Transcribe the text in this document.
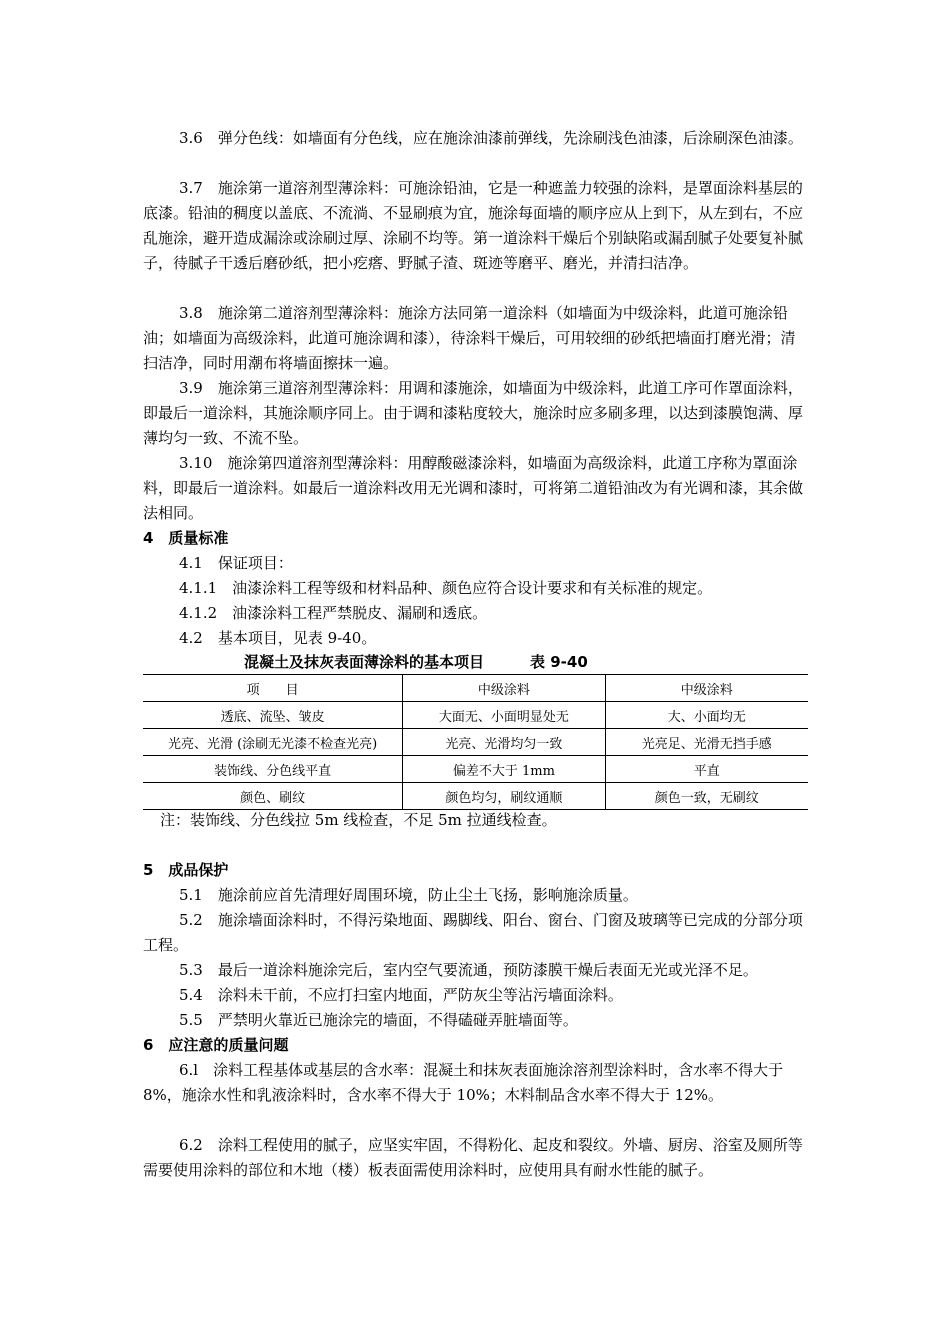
3.6　弹分色线：如墙面有分色线，应在施涂油漆前弹线，先涂刷浅色油漆，后涂刷深色油漆。

3.7　施涂第一道溶剂型薄涂料：可施涂铅油，它是一种遮盖力较强的涂料，是罩面涂料基层的底漆。铅油的稠度以盖底、不流淌、不显刷痕为宜，施涂每面墙的顺序应从上到下，从左到右，不应乱施涂，避开造成漏涂或涂刷过厚、涂刷不均等。第一道涂料干燥后个别缺陷或漏刮腻子处要复补腻子，待腻子干透后磨砂纸，把小疙瘩、野腻子渣、斑迹等磨平、磨光，并清扫洁净。

3.8　施涂第二道溶剂型薄涂料：施涂方法同第一道涂料（如墙面为中级涂料，此道可施涂铅油；如墙面为高级涂料，此道可施涂调和漆），待涂料干燥后，可用较细的砂纸把墙面打磨光滑；清扫洁净，同时用潮布将墙面擦抹一遍。

3.9　施涂第三道溶剂型薄涂料：用调和漆施涂，如墙面为中级涂料，此道工序可作罩面涂料，即最后一道涂料，其施涂顺序同上。由于调和漆粘度较大，施涂时应多刷多理，以达到漆膜饱满、厚薄均匀一致、不流不坠。

3.10　施涂第四道溶剂型薄涂料：用醇酸磁漆涂料，如墙面为高级涂料，此道工序称为罩面涂料，即最后一道涂料。如最后一道涂料改用无光调和漆时，可将第二道铅油改为有光调和漆，其余做法相同。

4　质量标准

4.1　保证项目：

4.1.1　油漆涂料工程等级和材料品种、颜色应符合设计要求和有关标准的规定。

4.1.2　油漆涂料工程严禁脱皮、漏刷和透底。

4.2　基本项目，见表 9-40。

混凝土及抹灰表面薄涂料的基本项目	表 9-40
项　　目	中级涂料	中级涂料
透底、流坠、皱皮	大面无、小面明显处无	大、小面均无
光亮、光滑 (涂刷无光漆不检查光亮)	光亮、光滑均匀一致	光亮足、光滑无挡手感
装饰线、分色线平直	偏差不大于 1mm	平直
颜色、刷纹	颜色均匀，刷纹通顺	颜色一致，无刷纹

注：装饰线、分色线拉 5m 线检查，不足 5m 拉通线检查。

5　成品保护

5.1　施涂前应首先清理好周围环境，防止尘土飞扬，影响施涂质量。

5.2　施涂墙面涂料时，不得污染地面、踢脚线、阳台、窗台、门窗及玻璃等已完成的分部分项工程。

5.3　最后一道涂料施涂完后，室内空气要流通，预防漆膜干燥后表面无光或光泽不足。

5.4　涂料未干前，不应打扫室内地面，严防灰尘等沾污墙面涂料。

5.5　严禁明火靠近已施涂完的墙面，不得磕碰弄脏墙面等。

6　应注意的质量问题

6.l　涂料工程基体或基层的含水率：混凝土和抹灰表面施涂溶剂型涂料时，含水率不得大于 8%，施涂水性和乳液涂料时，含水率不得大于 10%；木料制品含水率不得大于 12%。

6.2　涂料工程使用的腻子，应坚实牢固，不得粉化、起皮和裂纹。外墙、厨房、浴室及厕所等需要使用涂料的部位和木地（楼）板表面需使用涂料时，应使用具有耐水性能的腻子。
